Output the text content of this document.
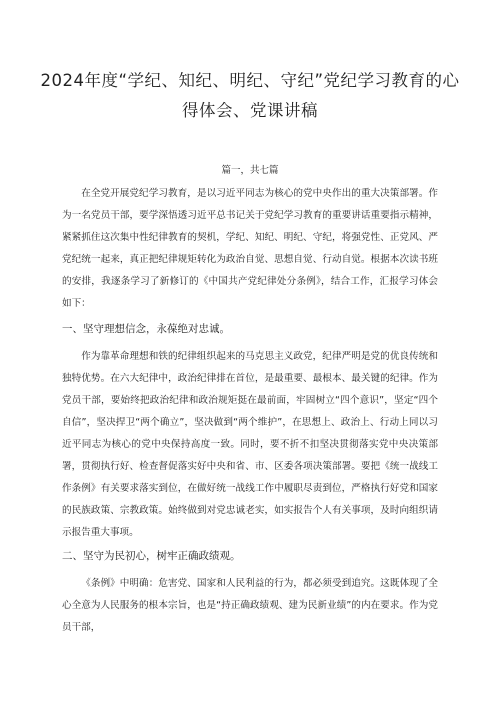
2024年度“学纪、知纪、明纪、守纪”党纪学习教育的心得体会、党课讲稿
篇一，共七篇

在全党开展党纪学习教育，是以习近平同志为核心的党中央作出的重大决策部署。作为一名党员干部，要学深悟透习近平总书记关于党纪学习教育的重要讲话重要指示精神，紧紧抓住这次集中性纪律教育的契机，学纪、知纪、明纪、守纪，将强党性、正党风、严党纪统一起来，真正把纪律规矩转化为政治自觉、思想自觉、行动自觉。根据本次读书班的安排，我逐条学习了新修订的《中国共产党纪律处分条例》，结合工作，汇报学习体会如下：

一、坚守理想信念，永葆绝对忠诚。

作为靠革命理想和铁的纪律组织起来的马克思主义政党，纪律严明是党的优良传统和独特优势。在六大纪律中，政治纪律排在首位，是最重要、最根本、最关键的纪律。作为党员干部，要始终把政治纪律和政治规矩挺在最前面，牢固树立“四个意识”，坚定“四个自信”，坚决捍卫“两个确立”，坚决做到“两个维护”，在思想上、政治上、行动上同以习近平同志为核心的党中央保持高度一致。同时，要不折不扣坚决贯彻落实党中央决策部署，贯彻执行好、检查督促落实好中央和省、市、区委各项决策部署。要把《统一战线工作条例》有关要求落实到位，在做好统一战线工作中履职尽责到位，严格执行好党和国家的民族政策、宗教政策。始终做到对党忠诚老实，如实报告个人有关事项，及时向组织请示报告重大事项。

二、坚守为民初心，树牢正确政绩观。

《条例》中明确：危害党、国家和人民利益的行为，都必须受到追究。这既体现了全心全意为人民服务的根本宗旨，也是“持正确政绩观、建为民新业绩”的内在要求。作为党员干部，
